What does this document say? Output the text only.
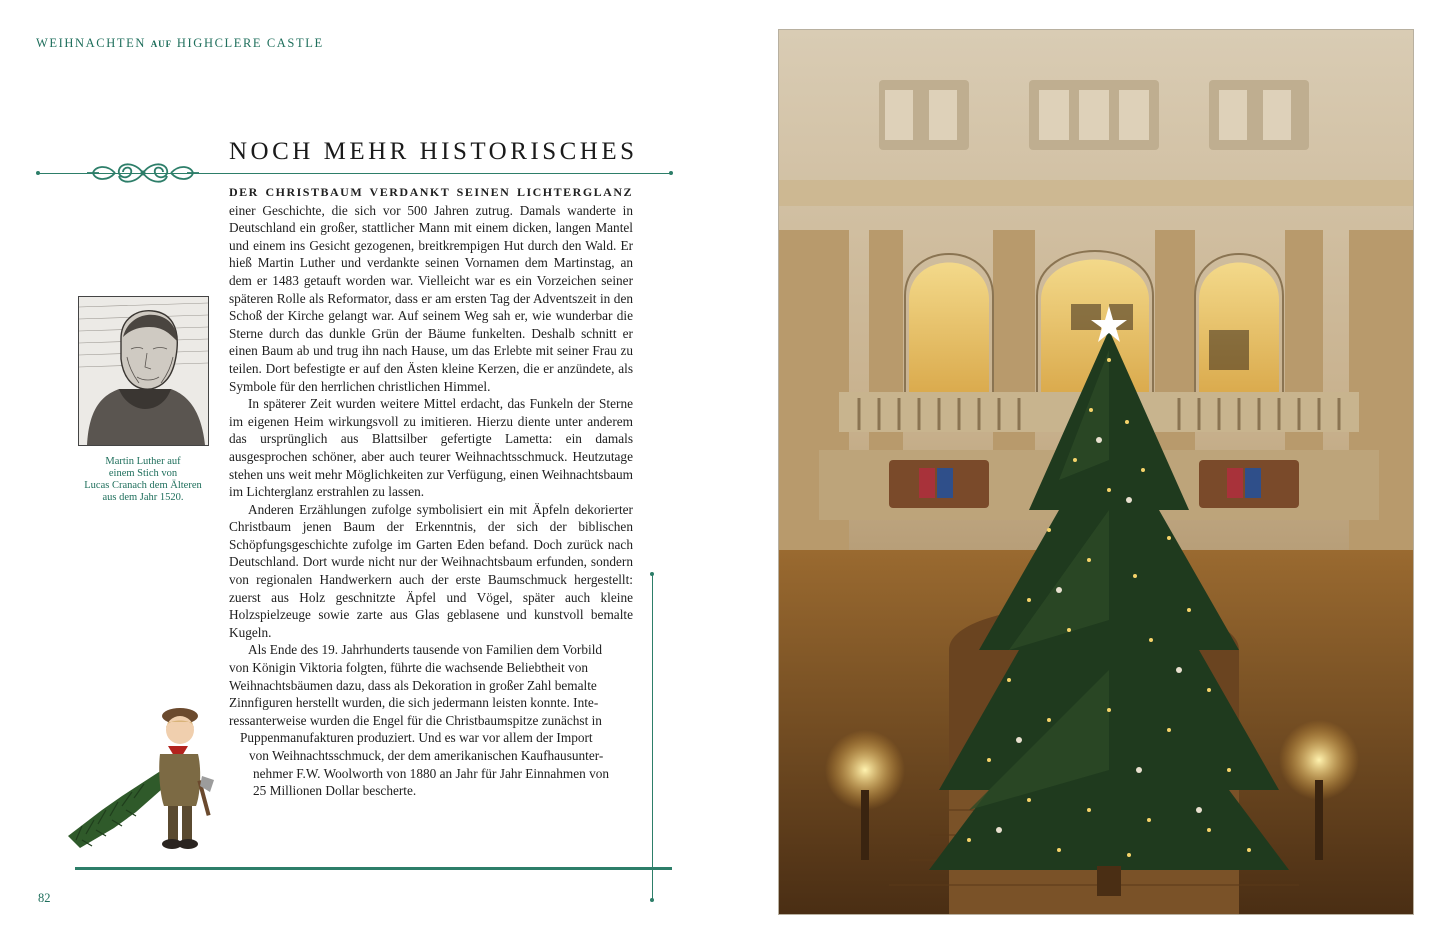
WEIHNACHTEN AUF HIGHCLERE CASTLE
NOCH MEHR HISTORISCHES

DER CHRISTBAUM VERDANKT SEINEN LICHTERGLANZ einer Geschichte, die sich vor 500 Jahren zutrug. Damals wanderte in Deutschland ein großer, stattlicher Mann mit einem dicken, langen Mantel und einem ins Gesicht gezogenen, breitkrempigen Hut durch den Wald. Er hieß Martin Luther und verdankte seinen Vornamen dem Martinstag, an dem er 1483 getauft worden war. Vielleicht war es ein Vorzeichen seiner späteren Rolle als Reformator, dass er am ersten Tag der Adventszeit in den Schoß der Kirche gelangt war. Auf seinem Weg sah er, wie wunderbar die Sterne durch das dunkle Grün der Bäume funkelten. Deshalb schnitt er einen Baum ab und trug ihn nach Hause, um das Erlebte mit seiner Frau zu teilen. Dort befestigte er auf den Ästen kleine Kerzen, die er anzündete, als Symbole für den herrlichen christlichen Himmel.

In späterer Zeit wurden weitere Mittel erdacht, das Funkeln der Sterne im eigenen Heim wirkungsvoll zu imitieren. Hierzu diente unter anderem das ursprünglich aus Blattsilber gefertigte Lametta: ein damals ausgesprochen schöner, aber auch teurer Weihnachtsschmuck. Heutzutage stehen uns weit mehr Möglichkeiten zur Verfügung, einen Weihnachtsbaum im Lichterglanz erstrahlen zu lassen.

Anderen Erzählungen zufolge symbolisiert ein mit Äpfeln dekorierter Christbaum jenen Baum der Erkenntnis, der sich der biblischen Schöpfungsgeschichte zufolge im Garten Eden befand. Doch zurück nach Deutschland. Dort wurde nicht nur der Weihnachtsbaum erfunden, sondern von regionalen Handwerkern auch der erste Baumschmuck hergestellt: zuerst aus Holz geschnitzte Äpfel und Vögel, später auch kleine Holzspielzeuge sowie zarte aus Glas geblasene und kunstvoll bemalte Kugeln.

Als Ende des 19. Jahrhunderts tausende von Familien dem Vorbild
von Königin Viktoria folgten, führte die wachsende Beliebtheit von
Weihnachtsbäumen dazu, dass als Dekoration in großer Zahl bemalte
Zinnfiguren herstellt wurden, die sich jedermann leisten konnte. Inte-
ressanterweise wurden die Engel für die Christbaumspitze zunächst in
Puppenmanufakturen produziert. Und es war vor allem der Import
von Weihnachtsschmuck, der dem amerikanischen Kaufhausunter-
nehmer F.W. Woolworth von 1880 an Jahr für Jahr Einnahmen von
25 Millionen Dollar bescherte.
Martin Luther auf
einem Stich von
Lucas Cranach dem Älteren
aus dem Jahr 1520.
82
